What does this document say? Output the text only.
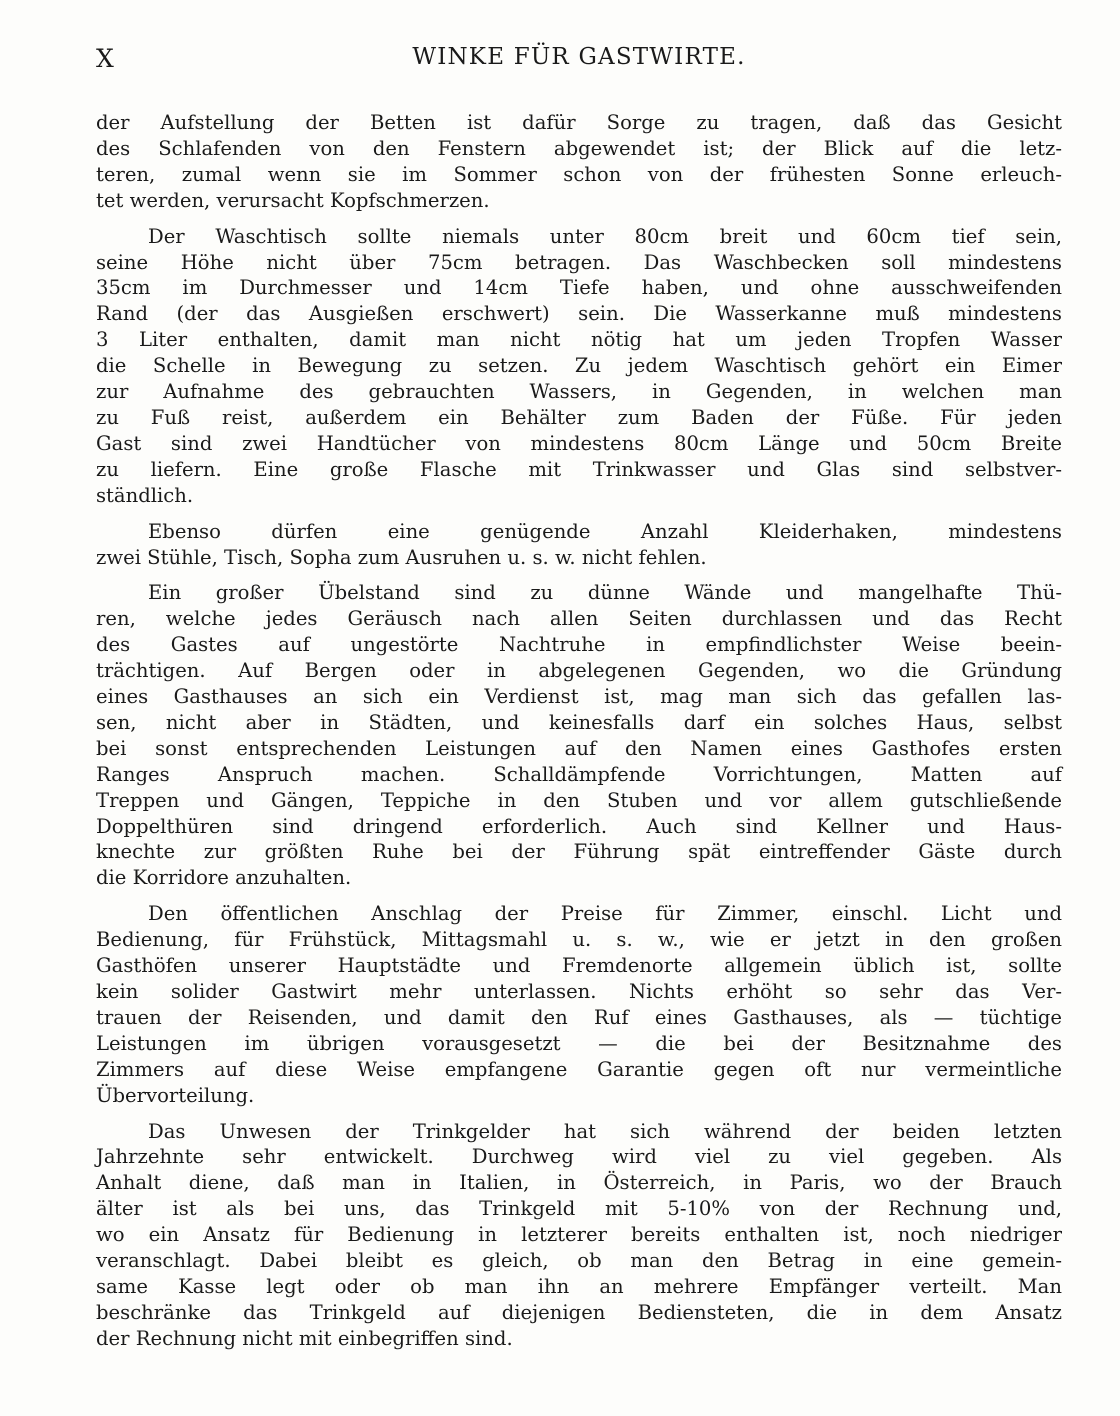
X	WINKE FÜR GASTWIRTE.
der Aufstellung der Betten ist dafür Sorge zu tragen, daß das Gesicht
des Schlafenden von den Fenstern abgewendet ist; der Blick auf die letz-
teren, zumal wenn sie im Sommer schon von der frühesten Sonne erleuch-
tet werden, verursacht Kopfschmerzen.
Der Waschtisch sollte niemals unter 80cm breit und 60cm tief sein,
seine Höhe nicht über 75cm betragen. Das Waschbecken soll mindestens
35cm im Durchmesser und 14cm Tiefe haben, und ohne ausschweifenden
Rand (der das Ausgießen erschwert) sein. Die Wasserkanne muß mindestens
3 Liter enthalten, damit man nicht nötig hat um jeden Tropfen Wasser
die Schelle in Bewegung zu setzen. Zu jedem Waschtisch gehört ein Eimer
zur Aufnahme des gebrauchten Wassers, in Gegenden, in welchen man
zu Fuß reist, außerdem ein Behälter zum Baden der Füße. Für jeden
Gast sind zwei Handtücher von mindestens 80cm Länge und 50cm Breite
zu liefern. Eine große Flasche mit Trinkwasser und Glas sind selbstver-
ständlich.
Ebenso dürfen eine genügende Anzahl Kleiderhaken, mindestens
zwei Stühle, Tisch, Sopha zum Ausruhen u. s. w. nicht fehlen.
Ein großer Übelstand sind zu dünne Wände und mangelhafte Thü-
ren, welche jedes Geräusch nach allen Seiten durchlassen und das Recht
des Gastes auf ungestörte Nachtruhe in empfindlichster Weise beein-
trächtigen. Auf Bergen oder in abgelegenen Gegenden, wo die Gründung
eines Gasthauses an sich ein Verdienst ist, mag man sich das gefallen las-
sen, nicht aber in Städten, und keinesfalls darf ein solches Haus, selbst
bei sonst entsprechenden Leistungen auf den Namen eines Gasthofes ersten
Ranges Anspruch machen. Schalldämpfende Vorrichtungen, Matten auf
Treppen und Gängen, Teppiche in den Stuben und vor allem gutschließende
Doppelthüren sind dringend erforderlich. Auch sind Kellner und Haus-
knechte zur größten Ruhe bei der Führung spät eintreffender Gäste durch
die Korridore anzuhalten.
Den öffentlichen Anschlag der Preise für Zimmer, einschl. Licht und
Bedienung, für Frühstück, Mittagsmahl u. s. w., wie er jetzt in den großen
Gasthöfen unserer Hauptstädte und Fremdenorte allgemein üblich ist, sollte
kein solider Gastwirt mehr unterlassen. Nichts erhöht so sehr das Ver-
trauen der Reisenden, und damit den Ruf eines Gasthauses, als — tüchtige
Leistungen im übrigen vorausgesetzt — die bei der Besitznahme des
Zimmers auf diese Weise empfangene Garantie gegen oft nur vermeintliche
Übervorteilung.
Das Unwesen der Trinkgelder hat sich während der beiden letzten
Jahrzehnte sehr entwickelt. Durchweg wird viel zu viel gegeben. Als
Anhalt diene, daß man in Italien, in Österreich, in Paris, wo der Brauch
älter ist als bei uns, das Trinkgeld mit 5-10% von der Rechnung und,
wo ein Ansatz für Bedienung in letzterer bereits enthalten ist, noch niedriger
veranschlagt. Dabei bleibt es gleich, ob man den Betrag in eine gemein-
same Kasse legt oder ob man ihn an mehrere Empfänger verteilt. Man
beschränke das Trinkgeld auf diejenigen Bediensteten, die in dem Ansatz
der Rechnung nicht mit einbegriffen sind.
